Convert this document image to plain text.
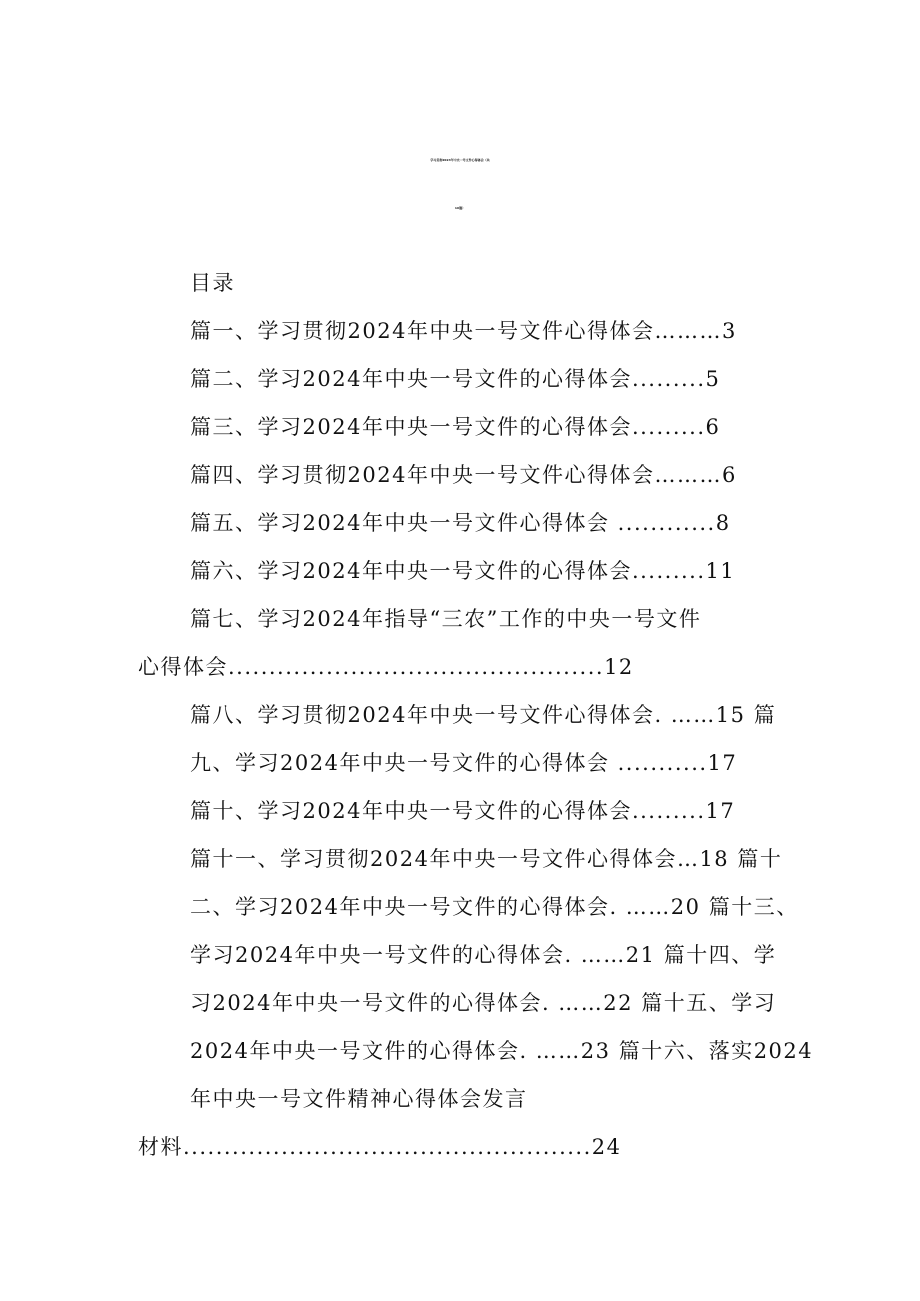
学习贯彻2024年中央一号文件心得体会（共
16篇）
目录
篇一、学习贯彻2024年中央一号文件心得体会………3
篇二、学习2024年中央一号文件的心得体会.........5
篇三、学习2024年中央一号文件的心得体会.........6
篇四、学习贯彻2024年中央一号文件心得体会………6
篇五、学习2024年中央一号文件心得体会 ............8
篇六、学习2024年中央一号文件的心得体会.........11
篇七、学习2024年指导“三农”工作的中央一号文件
心得体会..............................................12
篇八、学习贯彻2024年中央一号文件心得体会. ……15 篇
九、学习2024年中央一号文件的心得体会 ...........17
篇十、学习2024年中央一号文件的心得体会.........17
篇十一、学习贯彻2024年中央一号文件心得体会…18 篇十
二、学习2024年中央一号文件的心得体会. ……20 篇十三、
学习2024年中央一号文件的心得体会. ……21 篇十四、学
习2024年中央一号文件的心得体会. ……22 篇十五、学习
2024年中央一号文件的心得体会. ……23 篇十六、落实2024
年中央一号文件精神心得体会发言
材料..................................................24
